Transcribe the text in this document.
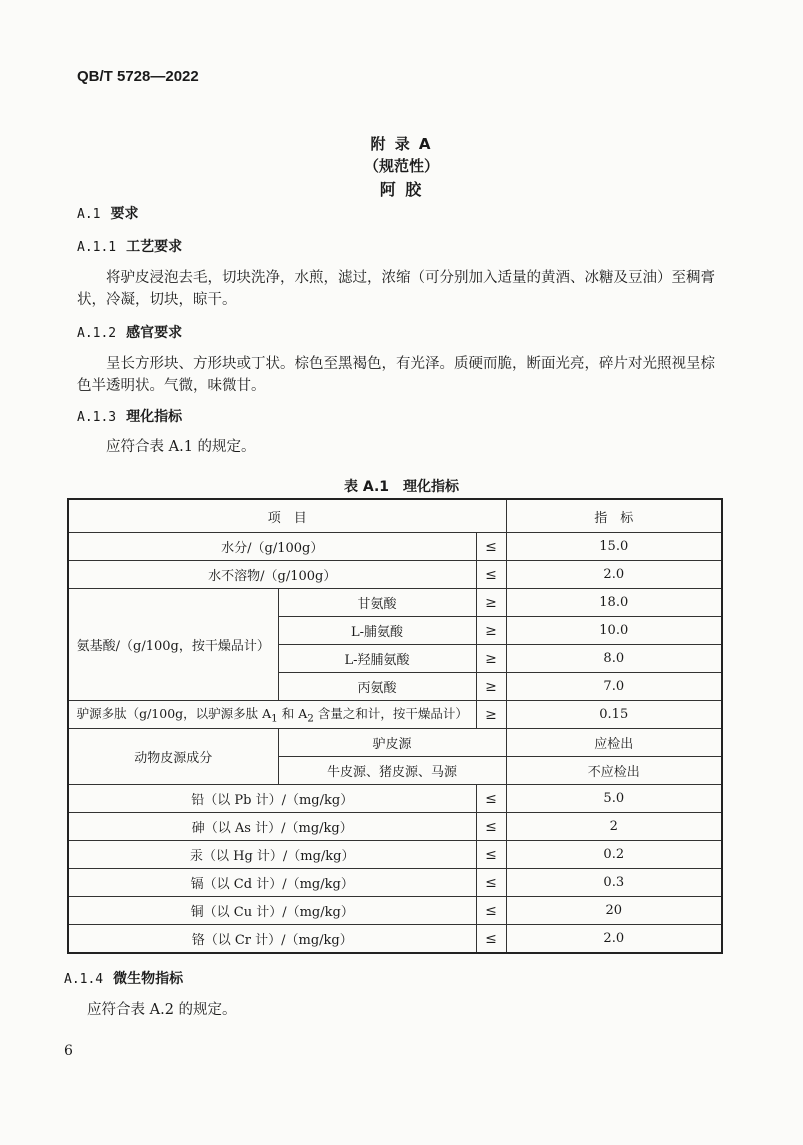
QB/T 5728—2022
附 录 A
（规范性）
阿 胶
A.1 要求
A.1.1 工艺要求
将驴皮浸泡去毛，切块洗净，水煎，滤过，浓缩（可分别加入适量的黄酒、冰糖及豆油）至稠膏状，冷凝，切块，晾干。
A.1.2 感官要求
呈长方形块、方形块或丁状。棕色至黑褐色，有光泽。质硬而脆，断面光亮，碎片对光照视呈棕色半透明状。气微，味微甘。
A.1.3 理化指标
应符合表 A.1 的规定。
表 A.1　理化指标
项　目			指　标
水分/（g/100g）		≤	15.0
水不溶物/（g/100g）		≤	2.0
氨基酸/（g/100g，按干燥品计）	甘氨酸	≥	18.0
	L-脯氨酸	≥	10.0
	L-羟脯氨酸	≥	8.0
	丙氨酸	≥	7.0
驴源多肽（g/100g，以驴源多肽 $A_1$ 和 $A_2$ 含量之和计，按干燥品计）		≥	0.15
动物皮源成分	驴皮源		应检出
	牛皮源、猪皮源、马源		不应检出
铅（以 Pb 计）/（mg/kg）		≤	5.0
砷（以 As 计）/（mg/kg）		≤	2
汞（以 Hg 计）/（mg/kg）		≤	0.2
镉（以 Cd 计）/（mg/kg）		≤	0.3
铜（以 Cu 计）/（mg/kg）		≤	20
铬（以 Cr 计）/（mg/kg）		≤	2.0
A.1.4 微生物指标
应符合表 A.2 的规定。
6
